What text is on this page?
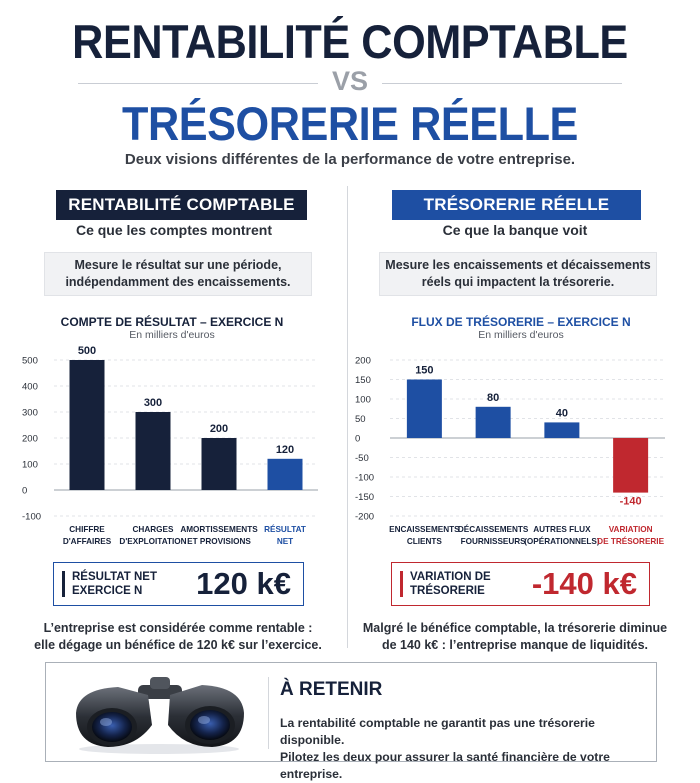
RENTABILITÉ COMPTABLE
VS
TRÉSORERIE RÉELLE
Deux visions différentes de la performance de votre entreprise.
RENTABILITÉ COMPTABLE
Ce que les comptes montrent
Mesure le résultat sur une période,
indépendamment des encaissements.
COMPTE DE RÉSULTAT – EXERCICE N
En milliers d'euros
-100
0
100
200
300
400
500
500
CHIFFRE
D'AFFAIRES
300
CHARGES
D'EXPLOITATION
200
AMORTISSEMENTS
ET PROVISIONS
120
RÉSULTAT
NET
RÉSULTAT NET
EXERCICE N	120 k€
L’entreprise est considérée comme rentable :
elle dégage un bénéfice de 120 k€ sur l’exercice.
TRÉSORERIE RÉELLE
Ce que la banque voit
Mesure les encaissements et décaissements
réels qui impactent la trésorerie.
FLUX DE TRÉSORERIE – EXERCICE N
En milliers d'euros
-200
-150
-100
-50
0
50
100
150
200
150
ENCAISSEMENTS
CLIENTS
80
DÉCAISSEMENTS
FOURNISSEURS
40
AUTRES FLUX
(OPÉRATIONNELS)
-140
VARIATION
DE TRÉSORERIE
VARIATION DE
TRÉSORERIE	-140 k€
Malgré le bénéfice comptable, la trésorerie diminue
de 140 k€ : l’entreprise manque de liquidités.
À RETENIR
La rentabilité comptable ne garantit pas une trésorerie disponible.
Pilotez les deux pour assurer la santé financière de votre entreprise.
